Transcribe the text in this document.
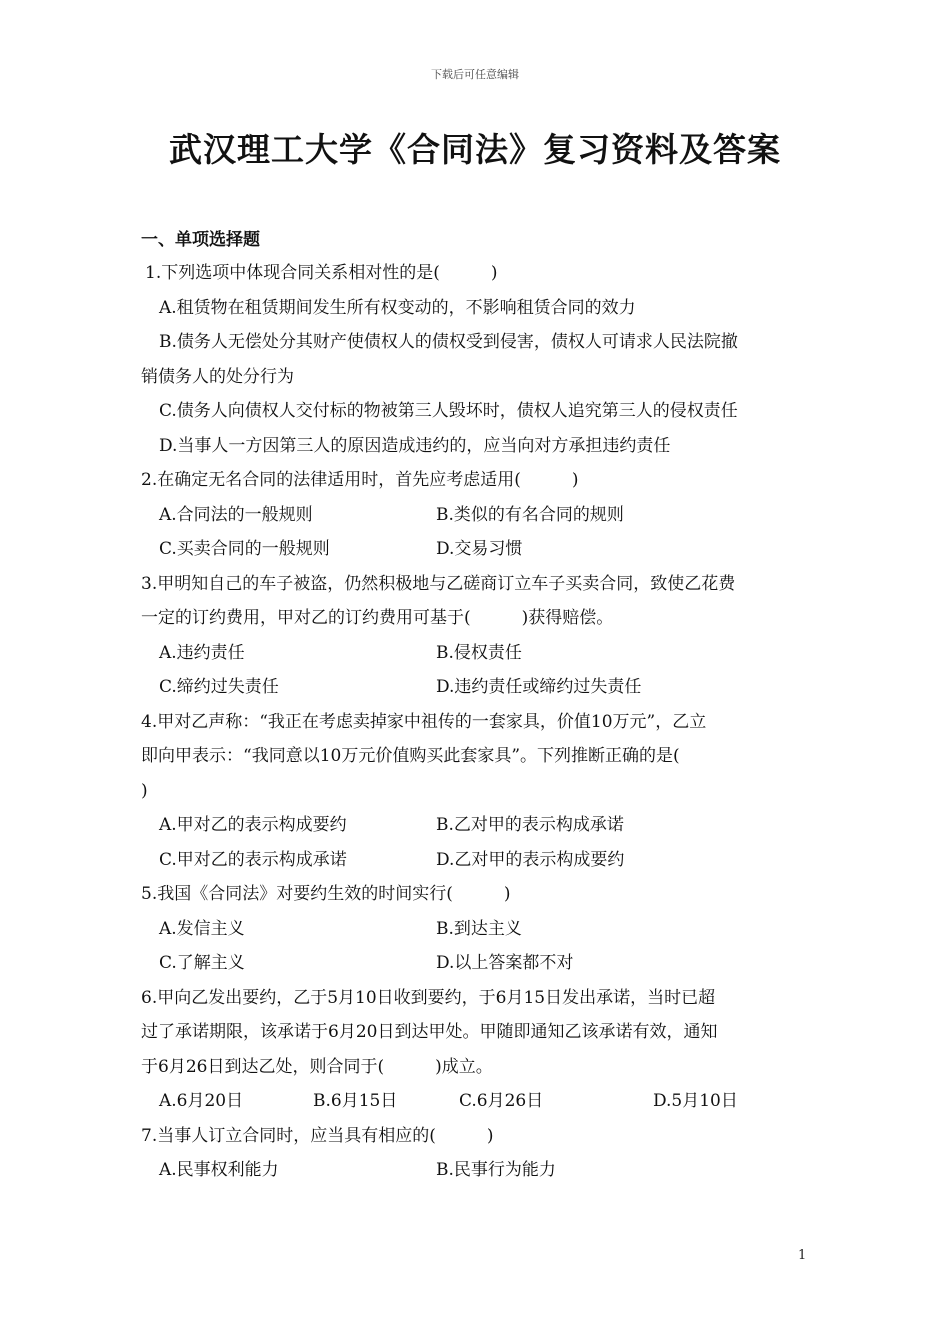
下载后可任意编辑
武汉理工大学《合同法》复习资料及答案
一、单项选择题
1.下列选项中体现合同关系相对性的是(　　　)
A.租赁物在租赁期间发生所有权变动的，不影响租赁合同的效力
B.债务人无偿处分其财产使债权人的债权受到侵害，债权人可请求人民法院撤
销债务人的处分行为
C.债务人向债权人交付标的物被第三人毁坏时，债权人追究第三人的侵权责任
D.当事人一方因第三人的原因造成违约的，应当向对方承担违约责任
2.在确定无名合同的法律适用时，首先应考虑适用(　　　)
A.合同法的一般规则	B.类似的有名合同的规则
C.买卖合同的一般规则	D.交易习惯
3.甲明知自己的车子被盗，仍然积极地与乙磋商订立车子买卖合同，致使乙花费
一定的订约费用，甲对乙的订约费用可基于(　　　)获得赔偿。
A.违约责任	B.侵权责任
C.缔约过失责任	D.违约责任或缔约过失责任
4.甲对乙声称：“我正在考虑卖掉家中祖传的一套家具，价值10万元”，乙立
即向甲表示：“我同意以10万元价值购买此套家具”。下列推断正确的是(
)
A.甲对乙的表示构成要约	B.乙对甲的表示构成承诺
C.甲对乙的表示构成承诺	D.乙对甲的表示构成要约
5.我国《合同法》对要约生效的时间实行(　　　)
A.发信主义	B.到达主义
C.了解主义	D.以上答案都不对
6.甲向乙发出要约，乙于5月10日收到要约，于6月15日发出承诺，当时已超
过了承诺期限，该承诺于6月20日到达甲处。甲随即通知乙该承诺有效，通知
于6月26日到达乙处，则合同于(　　　)成立。
A.6月20日	B.6月15日	C.6月26日	D.5月10日
7.当事人订立合同时，应当具有相应的(　　　)
A.民事权利能力	B.民事行为能力
1
